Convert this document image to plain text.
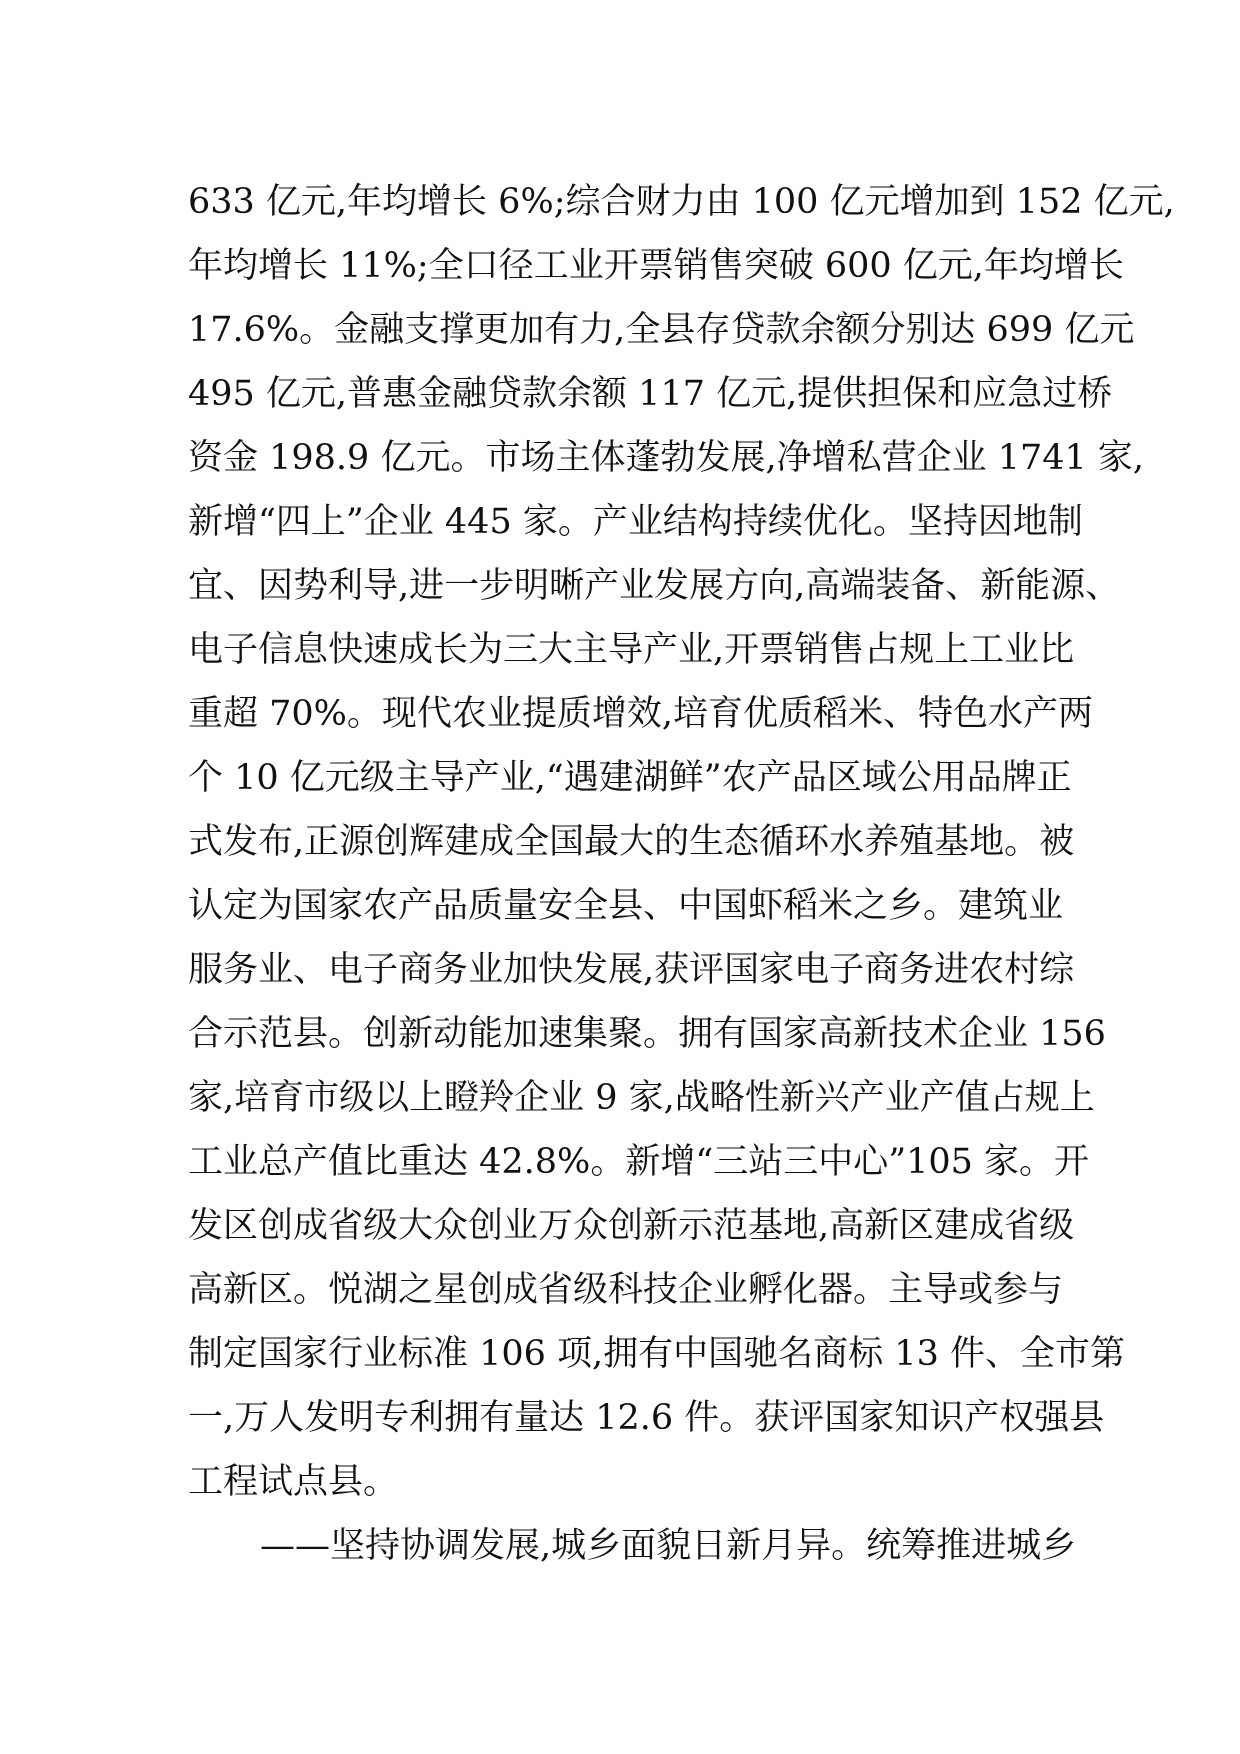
633 亿元,年均增长 6%;综合财力由 100 亿元增加到 152 亿元,
年均增长 11%;全口径工业开票销售突破 600 亿元,年均增长
17.6%。金融支撑更加有力,全县存贷款余额分别达 699 亿元
495 亿元,普惠金融贷款余额 117 亿元,提供担保和应急过桥
资金 198.9 亿元。市场主体蓬勃发展,净增私营企业 1741 家,
新增“四上”企业 445 家。产业结构持续优化。坚持因地制
宜、因势利导,进一步明晰产业发展方向,高端装备、新能源、
电子信息快速成长为三大主导产业,开票销售占规上工业比
重超 70%。现代农业提质增效,培育优质稻米、特色水产两
个 10 亿元级主导产业,“遇建湖鲜”农产品区域公用品牌正
式发布,正源创辉建成全国最大的生态循环水养殖基地。被
认定为国家农产品质量安全县、中国虾稻米之乡。建筑业
服务业、电子商务业加快发展,获评国家电子商务进农村综
合示范县。创新动能加速集聚。拥有国家高新技术企业 156
家,培育市级以上瞪羚企业 9 家,战略性新兴产业产值占规上
工业总产值比重达 42.8%。新增“三站三中心”105 家。开
发区创成省级大众创业万众创新示范基地,高新区建成省级
高新区。悦湖之星创成省级科技企业孵化器。主导或参与
制定国家行业标准 106 项,拥有中国驰名商标 13 件、全市第
一,万人发明专利拥有量达 12.6 件。获评国家知识产权强县
工程试点县。
——坚持协调发展,城乡面貌日新月异。统筹推进城乡
